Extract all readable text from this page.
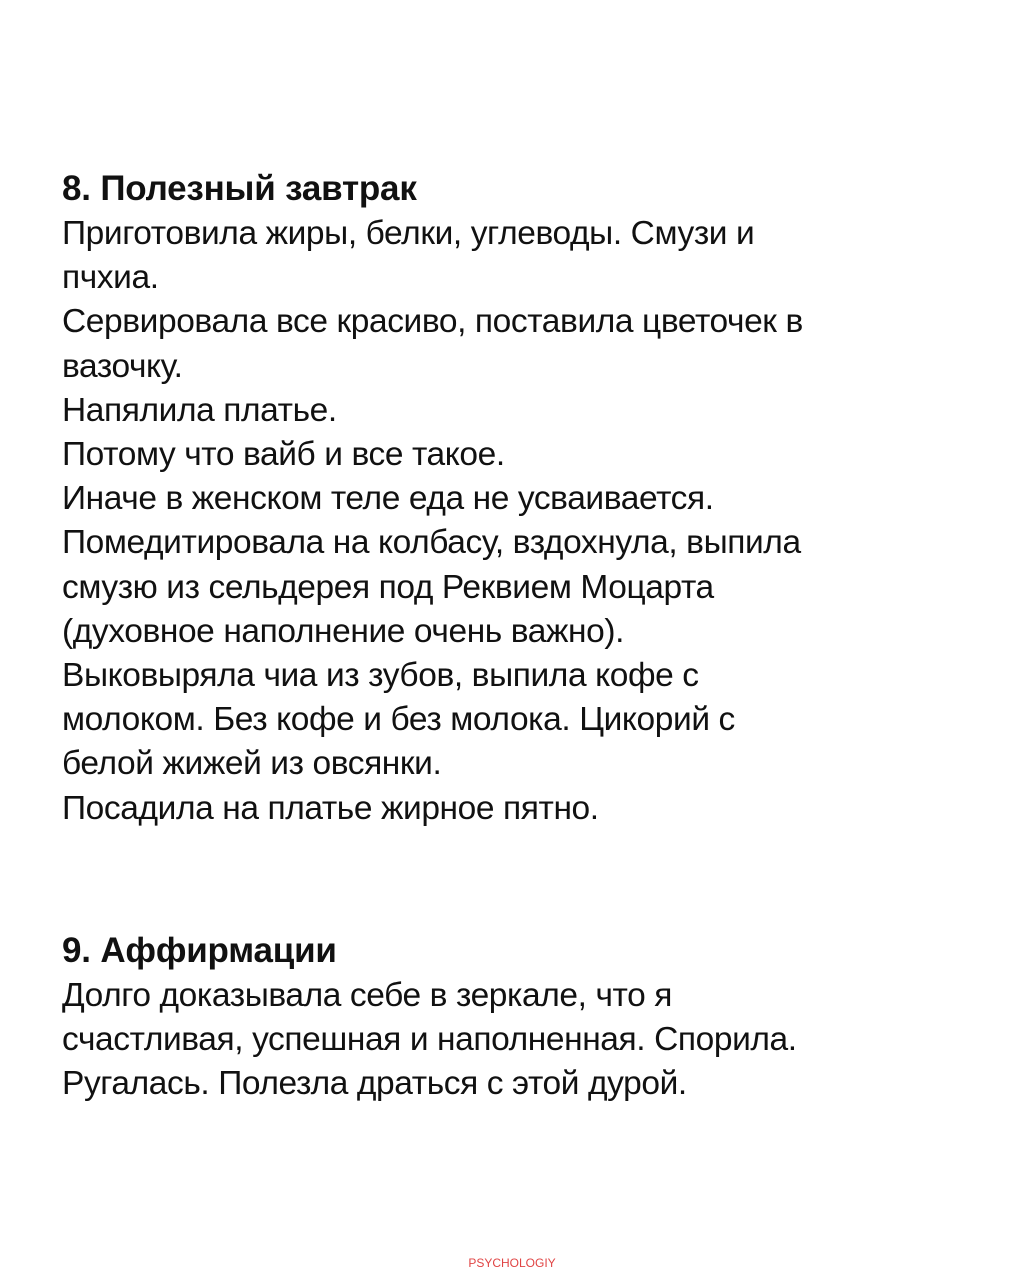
8. Полезный завтрак

Приготовила жиры, белки, углеводы. Смузи и

пчхиа.

Сервировала все красиво, поставила цветочек в

вазочку.

Напялила платье.

Потому что вайб и все такое.

Иначе в женском теле еда не усваивается.

Помедитировала на колбасу, вздохнула, выпила

смузю из сельдерея под Реквием Моцарта

(духовное наполнение очень важно).

Выковыряла чиа из зубов, выпила кофе с

молоком. Без кофе и без молока. Цикорий с

белой жижей из овсянки.

Посадила на платье жирное пятно.

9. Аффирмации

Долго доказывала себе в зеркале, что я

счастливая, успешная и наполненная. Спорила.

Ругалась. Полезла драться с этой дурой.

PSYCHOLOGIY
